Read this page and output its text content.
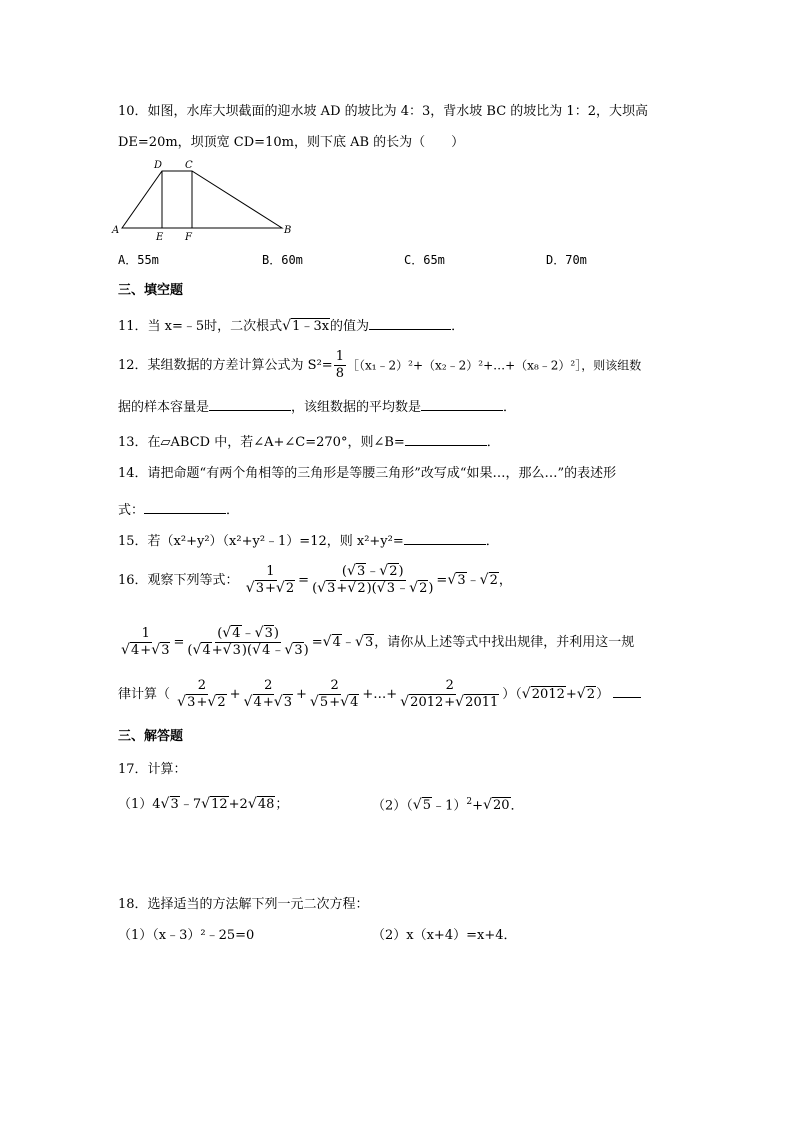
10．如图，水库大坝截面的迎水坡 AD 的坡比为 4：3，背水坡 BC 的坡比为 1：2，大坝高
DE=20m，坝顶宽 CD=10m，则下底 AB 的长为（　　）
A	B
C
D
E F
A．55m	B．60m	C．65m	D．70m
三、填空题
11．当 x=﹣5时，二次根式 √ 1﹣3x的值为	．
12．某组数据的方差计算公式为 $S^2= \frac{1}{8}$ ［（x₁﹣2）²+（x₂﹣2）²+…+（x₈﹣2）²］，则该组数
据的样本容量是	，该组数据的平均数是	．
13．在▱ABCD 中，若∠A+∠C=270°，则∠B=	．
14．请把命题“有两个角相等的三角形是等腰三角形”改写成“如果…，那么…”的表述形
式：	．
15．若（x²+y²）（x²+y²﹣1）=12，则 x²+y²=	．
16．观察下列等式： 1
√ 3+ √ $2 = \frac{( √ 3﹣ √ 2)}{( √ 3+ √ 2)( √ 3﹣ √ 2)}$ = √ 3﹣ √ 2，
1
√ 4+ √ $3 = \frac{( √ 4﹣ √ 3)}{( √ 4+ √ 3)( √ 4﹣ √ 3)}$ = √ 4﹣ √ 3，请你从上述等式中找出规律，并利用这一规
律计算（ 2
√ 3+ √ 2 + 2
√ 4+ √ 3 + 2
√ 5+ √ 4 +…+ 2
√ 2012+ √ 2011 ）（ √ 2012+ √ 2）
三、解答题
17．计算：
（1）4 √ 3﹣7 √ 12+2 √ 48；	（2）（ √ 5﹣1）$^2$+ √ 20．
18．选择适当的方法解下列一元二次方程：
（1）（x﹣3）²﹣25=0	（2）x（x+4）=x+4．
